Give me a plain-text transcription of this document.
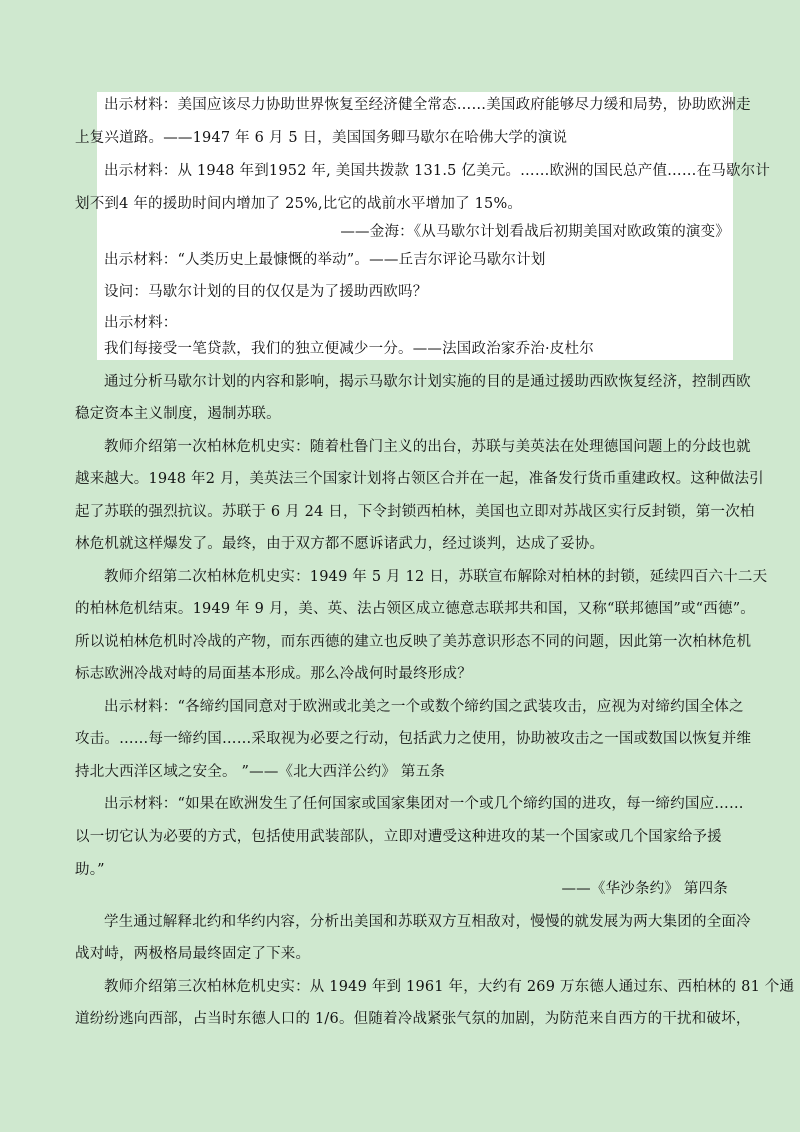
出示材料：美国应该尽力协助世界恢复至经济健全常态……美国政府能够尽力缓和局势，协助欧洲走
上复兴道路。——1947 年 6 月 5 日，美国国务卿马歇尔在哈佛大学的演说
出示材料：从 1948 年到1952 年, 美国共拨款 131.5 亿美元。……欧洲的国民总产值……在马歇尔计
划不到4 年的援助时间内增加了 25%,比它的战前水平增加了 15%。
——金海：《从马歇尔计划看战后初期美国对欧政策的演变》
出示材料：“人类历史上最慷慨的举动”。——丘吉尔评论马歇尔计划
设问：马歇尔计划的目的仅仅是为了援助西欧吗？
出示材料：
我们每接受一笔贷款，我们的独立便减少一分。——法国政治家乔治·皮杜尔
通过分析马歇尔计划的内容和影响，揭示马歇尔计划实施的目的是通过援助西欧恢复经济，控制西欧
稳定资本主义制度，遏制苏联。
教师介绍第一次柏林危机史实：随着杜鲁门主义的出台，苏联与美英法在处理德国问题上的分歧也就
越来越大。1948 年2 月，美英法三个国家计划将占领区合并在一起，准备发行货币重建政权。这种做法引
起了苏联的强烈抗议。苏联于 6 月 24 日，下令封锁西柏林，美国也立即对苏战区实行反封锁，第一次柏
林危机就这样爆发了。最终，由于双方都不愿诉诸武力，经过谈判，达成了妥协。
教师介绍第二次柏林危机史实：1949 年 5 月 12 日，苏联宣布解除对柏林的封锁，延续四百六十二天
的柏林危机结束。1949 年 9 月，美、英、法占领区成立德意志联邦共和国，又称“联邦德国”或“西德”。
所以说柏林危机时冷战的产物，而东西德的建立也反映了美苏意识形态不同的问题，因此第一次柏林危机
标志欧洲冷战对峙的局面基本形成。那么冷战何时最终形成？
出示材料：“各缔约国同意对于欧洲或北美之一个或数个缔约国之武装攻击，应视为对缔约国全体之
攻击。……每一缔约国……采取视为必要之行动，包括武力之使用，协助被攻击之一国或数国以恢复并维
持北大西洋区域之安全。 ”——《北大西洋公约》 第五条
出示材料：“如果在欧洲发生了任何国家或国家集团对一个或几个缔约国的进攻，每一缔约国应……
以一切它认为必要的方式，包括使用武装部队，立即对遭受这种进攻的某一个国家或几个国家给予援
助。”
——《华沙条约》 第四条
学生通过解释北约和华约内容，分析出美国和苏联双方互相敌对，慢慢的就发展为两大集团的全面冷
战对峙，两极格局最终固定了下来。
教师介绍第三次柏林危机史实：从 1949 年到 1961 年，大约有 269 万东德人通过东、西柏林的 81 个通
道纷纷逃向西部，占当时东德人口的 1/6。但随着冷战紧张气氛的加剧，为防范来自西方的干扰和破坏，
